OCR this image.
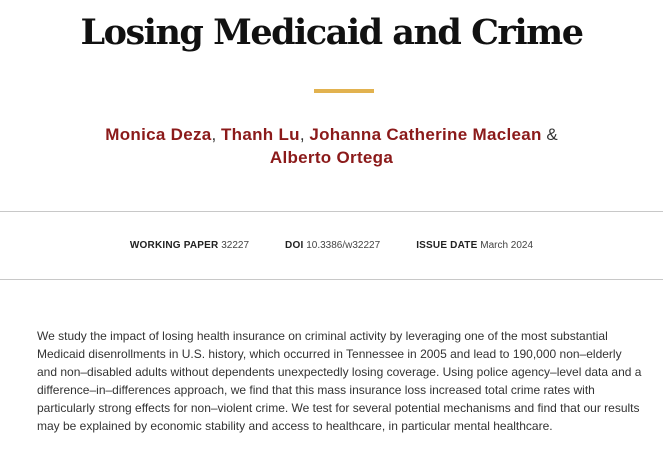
Losing Medicaid and Crime
Monica Deza, Thanh Lu, Johanna Catherine Maclean &
Alberto Ortega
WORKING PAPER 32227	DOI 10.3386/w32227	ISSUE DATE March 2024

We study the impact of losing health insurance on criminal activity by leveraging one of the most substantial Medicaid disenrollments in U.S. history, which occurred in Tennessee in 2005 and lead to 190,000 non–elderly and non–disabled adults without dependents unexpectedly losing coverage. Using police agency–level data and a difference–in–differences approach, we find that this mass insurance loss increased total crime rates with particularly strong effects for non–violent crime. We test for several potential mechanisms and find that our results may be explained by economic stability and access to healthcare, in particular mental healthcare.
